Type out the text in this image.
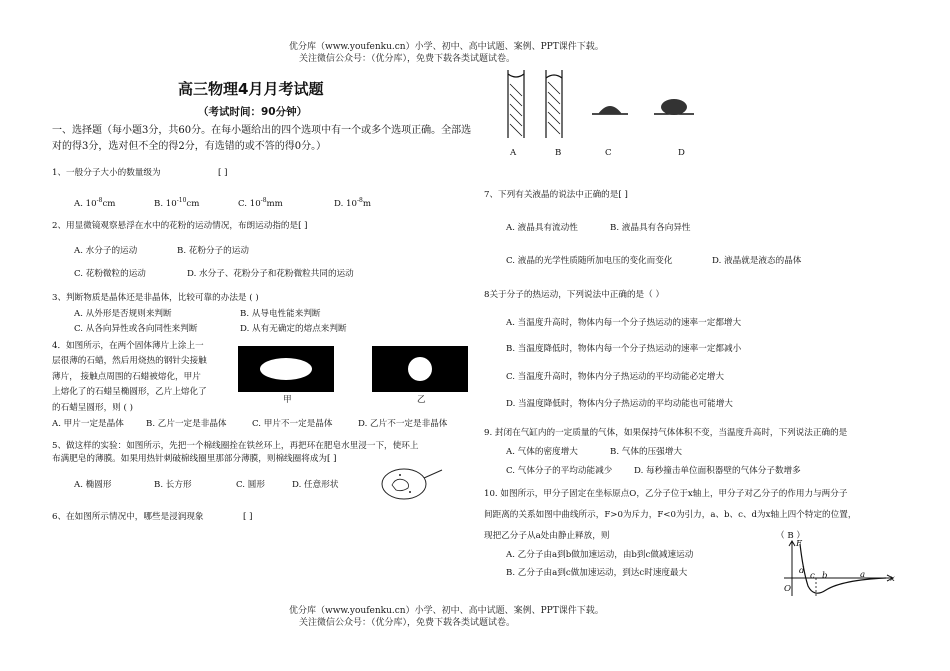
优分库（www.youfenku.cn）小学、初中、高中试题、案例、PPT课件下载。
关注微信公众号：（优分库），免费下载各类试题试卷。
高三物理4月月考试题
（考试时间：90分钟）
一、选择题（每小题3分，共60分。在每小题给出的四个选项中有一个或多个选项正确。全部选对的得3分，选对但不全的得2分，有选错的或不答的得0分。）
1、一般分子大小的数量级为	[ ]
A. $10^{-8}cm$	B. $10^{-10}cm$	C. $10^{-8}mm$	D. $10^{-8}m$
2、用显微镜观察悬浮在水中的花粉的运动情况，布朗运动指的是[ ]
A. 水分子的运动	B. 花粉分子的运动
C. 花粉微粒的运动	D. 水分子、花粉分子和花粉微粒共同的运动
3、判断物质是晶体还是非晶体，比较可靠的办法是 ( )
A. 从外形是否规则来判断	B. 从导电性能来判断
C. 从各向异性或各向同性来判断	D. 从有无确定的熔点来判断
4．如图所示，在两个固体薄片上涂上一
层很薄的石蜡，然后用烧热的钢针尖接触
薄片， 接触点周围的石蜡被熔化，甲片
上熔化了的石蜡呈椭圆形，乙片上熔化了
的石蜡呈圆形，则 ( )
甲	乙
A. 甲片一定是晶体	B. 乙片一定是非晶体	C. 甲片不一定是晶体	D. 乙片不一定是非晶体
5、做这样的实验：如图所示，先把一个棉线圈拴在铁丝环上，再把环在肥皂水里浸一下，使环上
布满肥皂的薄膜。如果用热针刺破棉线圈里那部分薄膜，则棉线圈将成为[ ]
A. 椭圆形	B. 长方形	C. 圆形	D. 任意形状
6、在如图所示情况中，哪些是浸润现象	[ ]
A	B	C	D
7、下列有关液晶的说法中正确的是[ ]
A. 液晶具有流动性	B. 液晶具有各向异性
C. 液晶的光学性质随所加电压的变化而变化	D. 液晶就是液态的晶体
8关于分子的热运动，下列说法中正确的是（ ）
A. 当温度升高时，物体内每一个分子热运动的速率一定都增大
B. 当温度降低时，物体内每一个分子热运动的速率一定都减小
C. 当温度升高时，物体内分子热运动的平均动能必定增大
D. 当温度降低时，物体内分子热运动的平均动能也可能增大
9. 封闭在气缸内的一定质量的气体，如果保持气体体积不变，当温度升高时，下列说法正确的是
A. 气体的密度增大	B. 气体的压强增大
C. 气体分子的平均动能减少	D. 每秒撞击单位面积器壁的气体分子数增多
10. 如图所示，甲分子固定在坐标原点O，乙分子位于x轴上，甲分子对乙分子的作用力与两分子
间距离的关系如图中曲线所示，F>0为斥力，F<0为引力，a、b、c、d为x轴上四个特定的位置，
现把乙分子从a处由静止释放，则	（ B ）
A. 乙分子由a到b做加速运动，由b到c做减速运动
B. 乙分子由a到c做加速运动，到达c时速度最大
F
O
x
d c b	a
优分库（www.youfenku.cn）小学、初中、高中试题、案例、PPT课件下载。
关注微信公众号：（优分库），免费下载各类试题试卷。
